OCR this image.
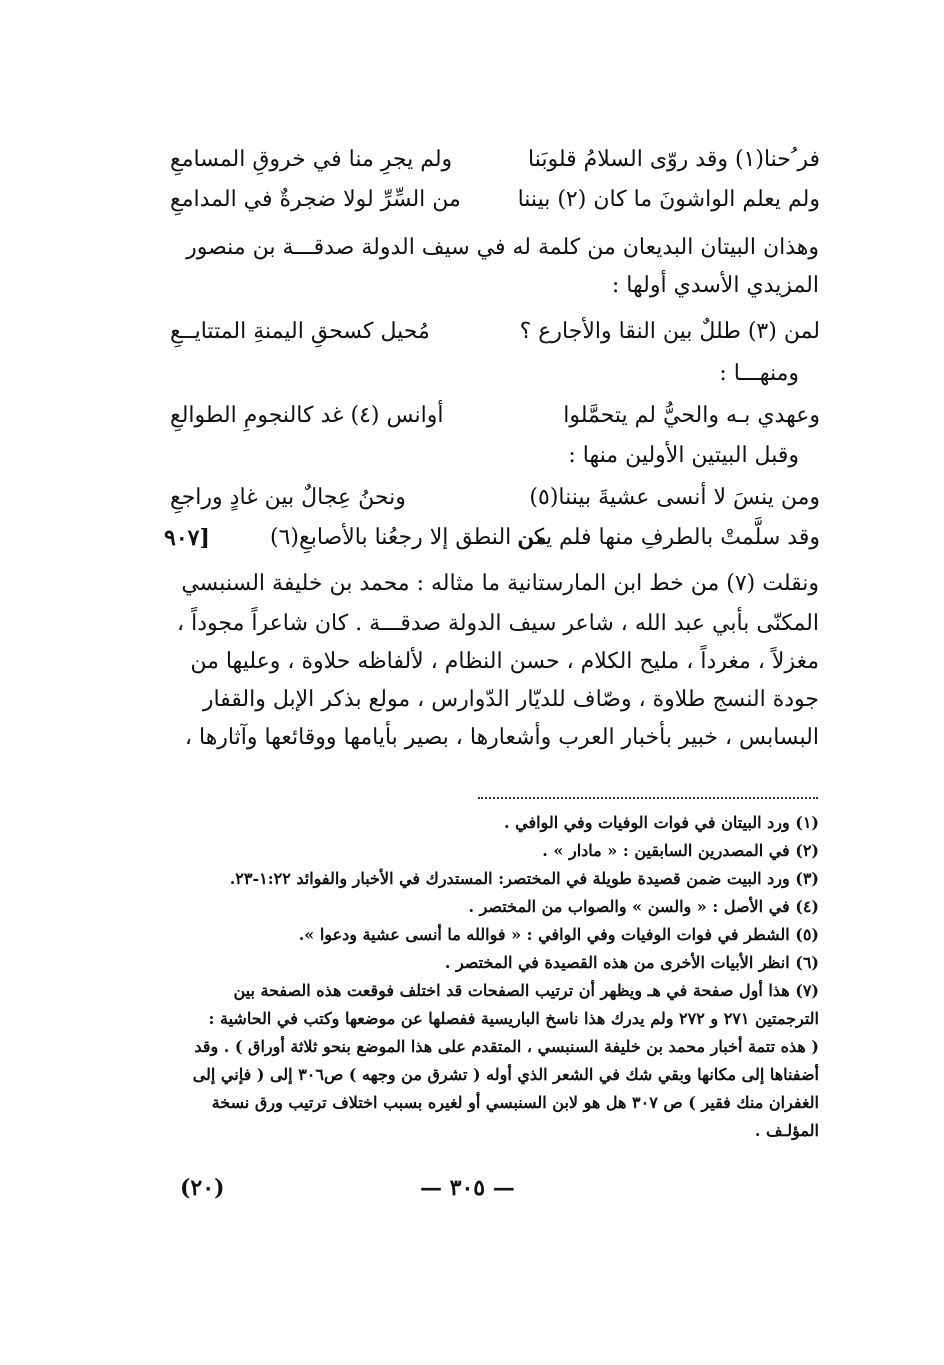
فر ُحنا(١) وقد روّى السلامُ قلوبَنا
ولم يجرِ منا في خروقِ المسامعِ
ولم يعلم الواشونَ ما كان (٢) بيننا
من السِّرِّ لولا ضجرةٌ في المدامعِ
وهذان البيتان البديعان من كلمة له في سيف الدولة صدقـــة بن منصور
المزيدي الأسدي أولها :
لمن (٣) طللٌ بين النقا والأجارع ؟
مُحيل كسحقِ اليمنةِ المتتايــعِ
ومنهـــا :
وعهدي بـه والحيُّ لم يتحمَّلوا
أوانس (٤) غد كالنجومِ الطوالعِ
وقبل البيتين الأولين منها :
ومن ينسَ لا أنسى عشيةَ بيننا(٥)
ونحنُ عِجالٌ بين غادٍ وراجعِ
وقد سلَّمتْ بالطرفِ منها فلم يكن
من النطق إلا رجعُنا بالأصابعِ(٦)
[٩٠٧
ونقلت (٧) من خط ابن المارستانية ما مثاله : محمد بن خليفة السنبسي
المكنّى بأبي عبد الله ، شاعر سيف الدولة صدقـــة . كان شاعراً مجوداً ،
مغزلاً ، مغرداً ، مليح الكلام ، حسن النظام ، لألفاظه حلاوة ، وعليها من
جودة النسج طلاوة ، وصّاف للديّار الدّوارس ، مولع بذكر الإبل والقفار
البسابس ، خبير بأخبار العرب وأشعارها ، بصير بأيامها ووقائعها وآثارها ،
(١) ورد البيتان في فوات الوفيات وفي الوافي .
(٢) في المصدرين السابقين : « مادار » .
(٣) ورد البيت ضمن قصيدة طويلة في المختصر: المستدرك في الأخبار والفوائد ١:٢٢-٢٣.
(٤) في الأصل : « والسن » والصواب من المختصر .
(٥) الشطر في فوات الوفيات وفي الوافي : « فوالله ما أنسى عشية ودعوا ».
(٦) انظر الأبيات الأخرى من هذه القصيدة في المختصر .
(٧) هذا أول صفحة في هـ ويظهر أن ترتيب الصفحات قد اختلف فوقعت هذه الصفحة بين
الترجمتين ٢٧١ و ٢٧٢ ولم يدرك هذا ناسخ الباريسية ففصلها عن موضعها وكتب في الحاشية :
( هذه تتمة أخبار محمد بن خليفة السنبسي ، المتقدم على هذا الموضع بنحو ثلاثة أوراق ) . وقد
أضفناها إلى مكانها وبقي شك في الشعر الذي أوله ( تشرق من وجهه ) ص٣٠٦ إلى ( فإني إلى
الغفران منك فقير ) ص ٣٠٧ هل هو لابن السنبسي أو لغيره بسبب اختلاف ترتيب ورق نسخة
المؤلـف .
— ٣٠٥ —
(٢٠)
